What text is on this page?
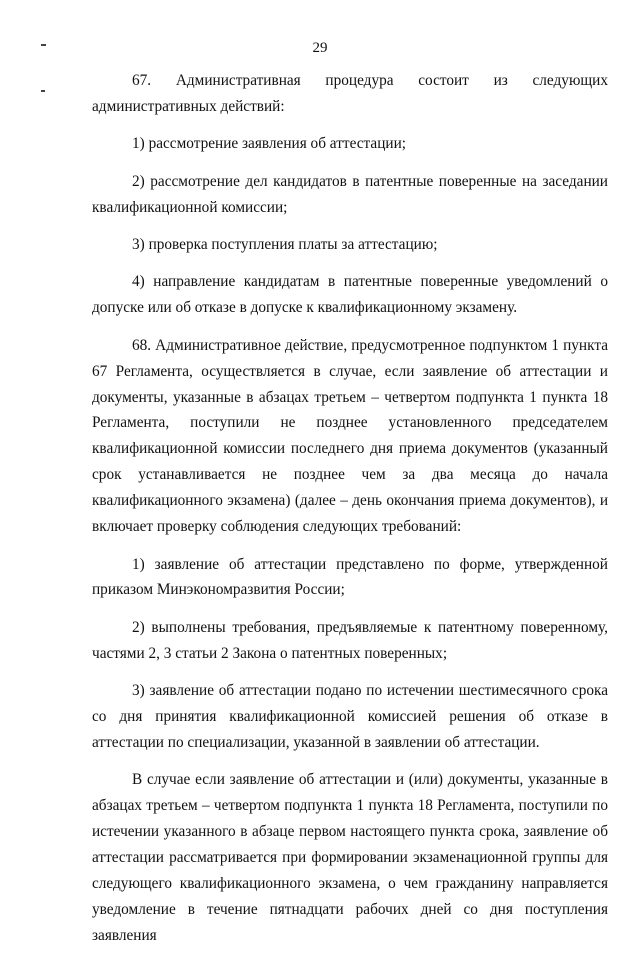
29

67. Административная процедура состоит из следующих административных действий:

1) рассмотрение заявления об аттестации;

2) рассмотрение дел кандидатов в патентные поверенные на заседании квалификационной комиссии;

3) проверка поступления платы за аттестацию;

4) направление кандидатам в патентные поверенные уведомлений о допуске или об отказе в допуске к квалификационному экзамену.

68. Административное действие, предусмотренное подпунктом 1 пункта 67 Регламента, осуществляется в случае, если заявление об аттестации и документы, указанные в абзацах третьем – четвертом подпункта 1 пункта 18 Регламента, поступили не позднее установленного председателем квалификационной комиссии последнего дня приема документов (указанный срок устанавливается не позднее чем за два месяца до начала квалификационного экзамена) (далее – день окончания приема документов), и включает проверку соблюдения следующих требований:

1) заявление об аттестации представлено по форме, утвержденной приказом Минэкономразвития России;

2) выполнены требования, предъявляемые к патентному поверенному, частями 2, 3 статьи 2 Закона о патентных поверенных;

3) заявление об аттестации подано по истечении шестимесячного срока со дня принятия квалификационной комиссией решения об отказе в аттестации по специализации, указанной в заявлении об аттестации.

В случае если заявление об аттестации и (или) документы, указанные в абзацах третьем – четвертом подпункта 1 пункта 18 Регламента, поступили по истечении указанного в абзаце первом настоящего пункта срока, заявление об аттестации рассматривается при формировании экзаменационной группы для следующего квалификационного экзамена, о чем гражданину направляется уведомление в течение пятнадцати рабочих дней со дня поступления заявления
